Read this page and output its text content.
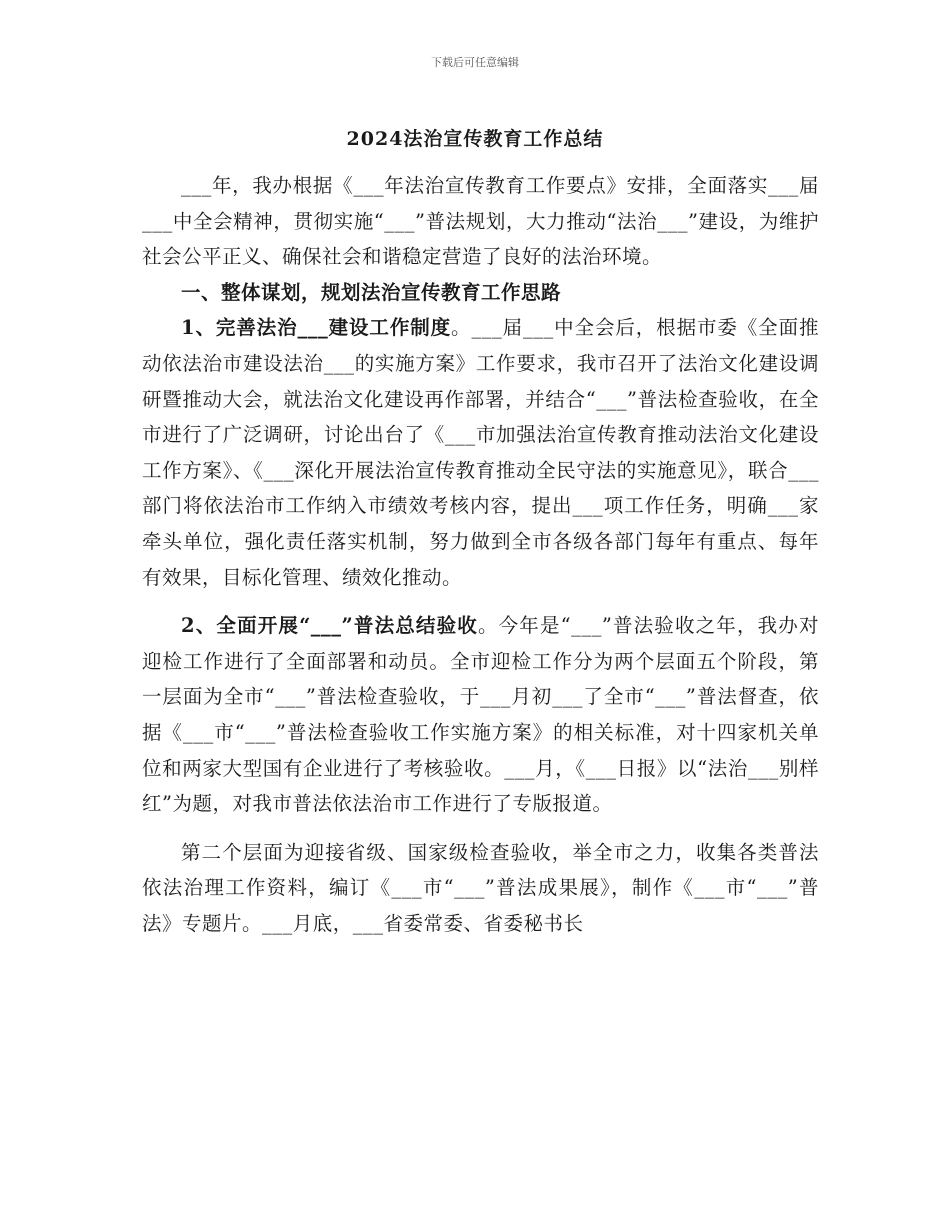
下载后可任意编辑
2024法治宣传教育工作总结

___年，我办根据《___年法治宣传教育工作要点》安排，全面落实___届___中全会精神，贯彻实施“___”普法规划，大力推动“法治___”建设，为维护社会公平正义、确保社会和谐稳定营造了良好的法治环境。

一、整体谋划，规划法治宣传教育工作思路

1、完善法治___建设工作制度。___届___中全会后，根据市委《全面推动依法治市建设法治___的实施方案》工作要求，我市召开了法治文化建设调研暨推动大会，就法治文化建设再作部署，并结合“___”普法检查验收，在全市进行了广泛调研，讨论出台了《___市加强法治宣传教育推动法治文化建设工作方案》、《___深化开展法治宣传教育推动全民守法的实施意见》，联合___部门将依法治市工作纳入市绩效考核内容，提出___项工作任务，明确___家牵头单位，强化责任落实机制，努力做到全市各级各部门每年有重点、每年有效果，目标化管理、绩效化推动。

2、全面开展“___”普法总结验收。今年是“___”普法验收之年，我办对迎检工作进行了全面部署和动员。全市迎检工作分为两个层面五个阶段，第一层面为全市“___”普法检查验收，于___月初___了全市“___”普法督查，依据《___市“___”普法检查验收工作实施方案》的相关标准，对十四家机关单位和两家大型国有企业进行了考核验收。___月，《___日报》以“法治___别样红”为题，对我市普法依法治市工作进行了专版报道。

第二个层面为迎接省级、国家级检查验收，举全市之力，收集各类普法依法治理工作资料，编订《___市“___”普法成果展》，制作《___市“___”普法》专题片。___月底，___省委常委、省委秘书长
